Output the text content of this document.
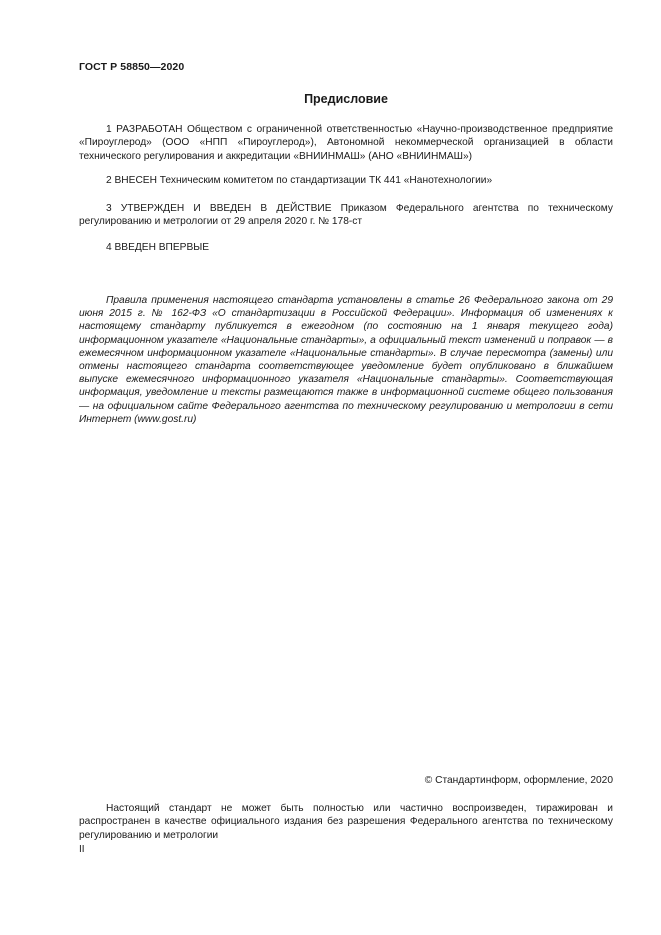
ГОСТ Р 58850—2020
Предисловие

1 РАЗРАБОТАН Обществом с ограниченной ответственностью «Научно-производственное предприятие «Пироуглерод» (ООО «НПП «Пироуглерод»), Автономной некоммерческой организацией в области технического регулирования и аккредитации «ВНИИНМАШ» (АНО «ВНИИНМАШ»)

2 ВНЕСЕН Техническим комитетом по стандартизации ТК 441 «Нанотехнологии»

3 УТВЕРЖДЕН И ВВЕДЕН В ДЕЙСТВИЕ Приказом Федерального агентства по техническому регулированию и метрологии от 29 апреля 2020 г. № 178-ст

4 ВВЕДЕН ВПЕРВЫЕ

Правила применения настоящего стандарта установлены в статье 26 Федерального закона от 29 июня 2015 г. № 162-ФЗ «О стандартизации в Российской Федерации». Информация об изменениях к настоящему стандарту публикуется в ежегодном (по состоянию на 1 января текущего года) информационном указателе «Национальные стандарты», а официальный текст изменений и поправок — в ежемесячном информационном указателе «Национальные стандарты». В случае пересмотра (замены) или отмены настоящего стандарта соответствующее уведомление будет опубликовано в ближайшем выпуске ежемесячного информационного указателя «Национальные стандарты». Соответствующая информация, уведомление и тексты размещаются также в информационной системе общего пользования — на официальном сайте Федерального агентства по техническому регулированию и метрологии в сети Интернет (www.gost.ru)

© Стандартинформ, оформление, 2020

Настоящий стандарт не может быть полностью или частично воспроизведен, тиражирован и распространен в качестве официального издания без разрешения Федерального агентства по техническому регулированию и метрологии

II
